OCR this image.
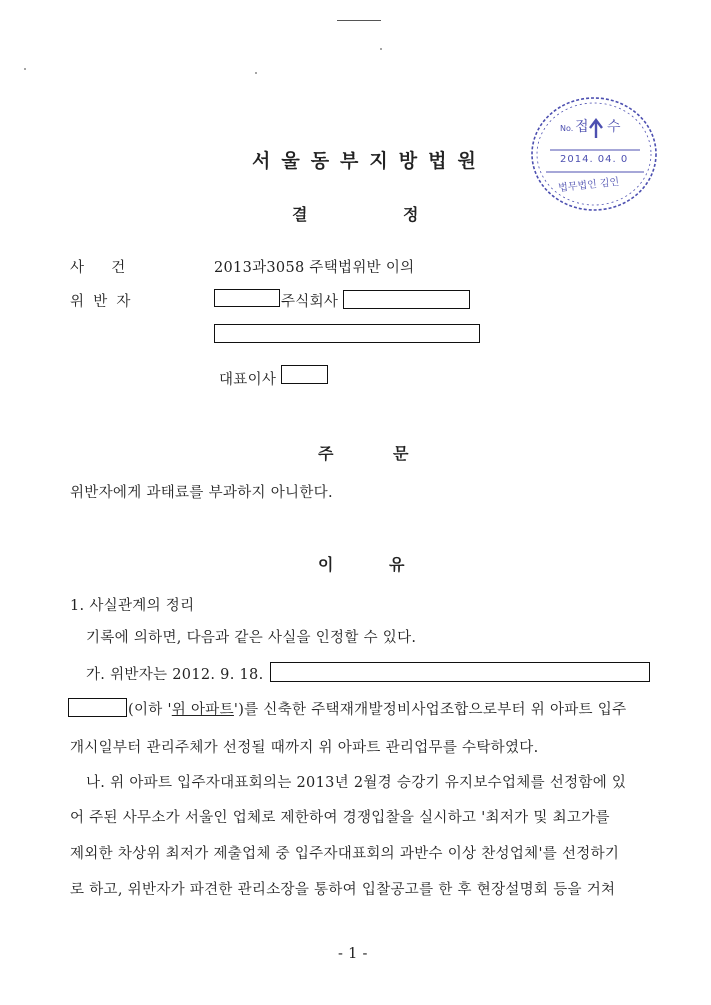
No. 접 수
2014. 04. 0
법무법인 김인
서울동부지방법원
결 정
사 건	2013과3058 주택법위반 이의
위 반 자	주식회사
대표이사
주 문
위반자에게 과태료를 부과하지 아니한다.
이 유
1. 사실관계의 정리
기록에 의하면, 다음과 같은 사실을 인정할 수 있다.
가. 위반자는 2012. 9. 18.
(이하 '위 아파트')를 신축한 주택재개발정비사업조합으로부터 위 아파트 입주
개시일부터 관리주체가 선정될 때까지 위 아파트 관리업무를 수탁하였다.
나. 위 아파트 입주자대표회의는 2013년 2월경 승강기 유지보수업체를 선정함에 있
어 주된 사무소가 서울인 업체로 제한하여 경쟁입찰을 실시하고 '최저가 및 최고가를
제외한 차상위 최저가 제출업체 중 입주자대표회의 과반수 이상 찬성업체'를 선정하기
로 하고, 위반자가 파견한 관리소장을 통하여 입찰공고를 한 후 현장설명회 등을 거쳐
- 1 -
